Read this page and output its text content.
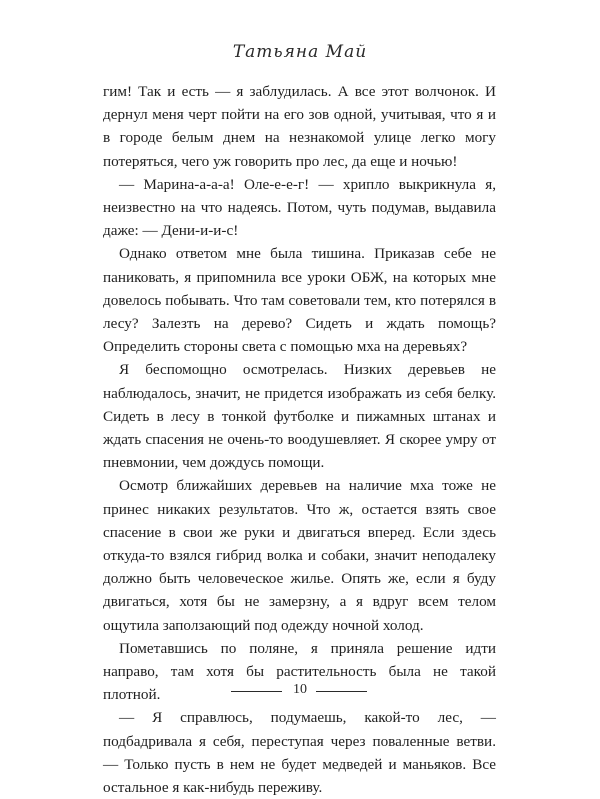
Татьяна Май

гим! Так и есть — я заблудилась. А все этот волчонок. И дернул меня черт пойти на его зов одной, учитывая, что я и в городе белым днем на незнакомой улице легко могу потеряться, чего уж говорить про лес, да еще и ночью!

— Марина-а-а-а! Оле-е-е-г! — хрипло выкрикнула я, неизвестно на что надеясь. Потом, чуть подумав, выдавила даже: — Дени-и-и-с!

Однако ответом мне была тишина. Приказав себе не паниковать, я припомнила все уроки ОБЖ, на которых мне довелось побывать. Что там советовали тем, кто потерялся в лесу? Залезть на дерево? Сидеть и ждать помощь? Определить стороны света с помощью мха на деревьях?

Я беспомощно осмотрелась. Низких деревьев не наблюдалось, значит, не придется изображать из себя белку. Сидеть в лесу в тонкой футболке и пижамных штанах и ждать спасения не очень-то воодушевляет. Я скорее умру от пневмонии, чем дождусь помощи.

Осмотр ближайших деревьев на наличие мха тоже не принес никаких результатов. Что ж, остается взять свое спасение в свои же руки и двигаться вперед. Если здесь откуда-то взялся гибрид волка и собаки, значит неподалеку должно быть человеческое жилье. Опять же, если я буду двигаться, хотя бы не замерзну, а я вдруг всем телом ощутила заползающий под одежду ночной холод.

Пометавшись по поляне, я приняла решение идти направо, там хотя бы растительность была не такой плотной.

— Я справлюсь, подумаешь, какой-то лес, — подбадривала я себя, переступая через поваленные ветви. — Только пусть в нем не будет медведей и маньяков. Все остальное я как-нибудь переживу.

10
